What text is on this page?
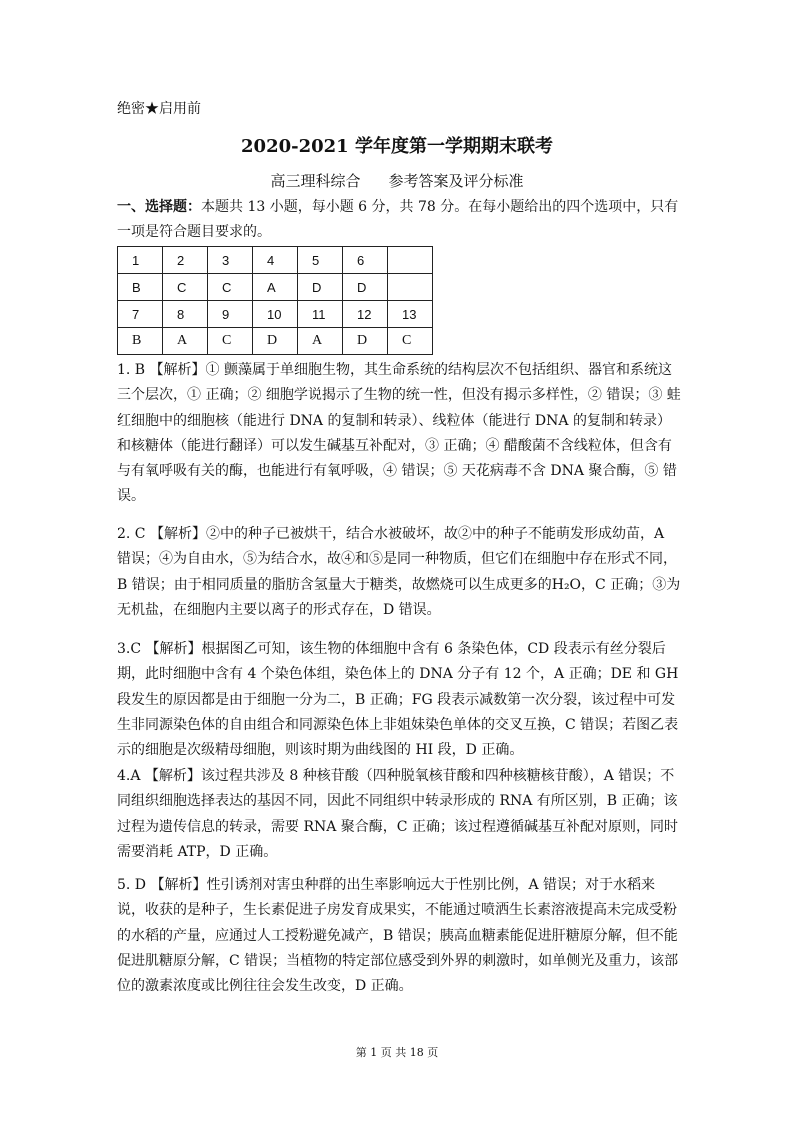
绝密★启用前
2020-2021 学年度第一学期期末联考
高三理科综合 参考答案及评分标准
一、选择题：本题共 13 小题，每小题 6 分，共 78 分。在每小题给出的四个选项中，只有一项是符合题目要求的。
1	2	3	4	5	6	
B	C	C	A	D	D	
7	8	9	10	11	12	13
B	A	C	D	A	D	C
1. B 【解析】① 颤藻属于单细胞生物，其生命系统的结构层次不包括组织、器官和系统这三个层次，① 正确；② 细胞学说揭示了生物的统一性，但没有揭示多样性，② 错误；③ 蛙红细胞中的细胞核（能进行 DNA 的复制和转录）、线粒体（能进行 DNA 的复制和转录）和核糖体（能进行翻译）可以发生碱基互补配对，③ 正确；④ 醋酸菌不含线粒体，但含有与有氧呼吸有关的酶，也能进行有氧呼吸，④ 错误；⑤ 天花病毒不含 DNA 聚合酶，⑤ 错误。
2. C 【解析】②中的种子已被烘干，结合水被破坏，故②中的种子不能萌发形成幼苗，A 错误；④为自由水，⑤为结合水，故④和⑤是同一种物质，但它们在细胞中存在形式不同，B 错误；由于相同质量的脂肪含氢量大于糖类，故燃烧可以生成更多的H₂O，C 正确；③为无机盐，在细胞内主要以离子的形式存在，D 错误。
3.C 【解析】根据图乙可知，该生物的体细胞中含有 6 条染色体，CD 段表示有丝分裂后期，此时细胞中含有 4 个染色体组，染色体上的 DNA 分子有 12 个，A 正确；DE 和 GH 段发生的原因都是由于细胞一分为二，B 正确；FG 段表示减数第一次分裂，该过程中可发生非同源染色体的自由组合和同源染色体上非姐妹染色单体的交叉互换，C 错误；若图乙表示的细胞是次级精母细胞，则该时期为曲线图的 HI 段，D 正确。
4.A 【解析】该过程共涉及 8 种核苷酸（四种脱氧核苷酸和四种核糖核苷酸），A 错误；不同组织细胞选择表达的基因不同，因此不同组织中转录形成的 RNA 有所区别，B 正确；该过程为遗传信息的转录，需要 RNA 聚合酶，C 正确；该过程遵循碱基互补配对原则，同时需要消耗 ATP，D 正确。
5. D 【解析】性引诱剂对害虫种群的出生率影响远大于性别比例，A 错误；对于水稻来说，收获的是种子，生长素促进子房发育成果实，不能通过喷洒生长素溶液提高未完成受粉的水稻的产量，应通过人工授粉避免减产，B 错误；胰高血糖素能促进肝糖原分解，但不能促进肌糖原分解，C 错误；当植物的特定部位感受到外界的刺激时，如单侧光及重力，该部位的激素浓度或比例往往会发生改变，D 正确。
第 1 页 共 18 页
